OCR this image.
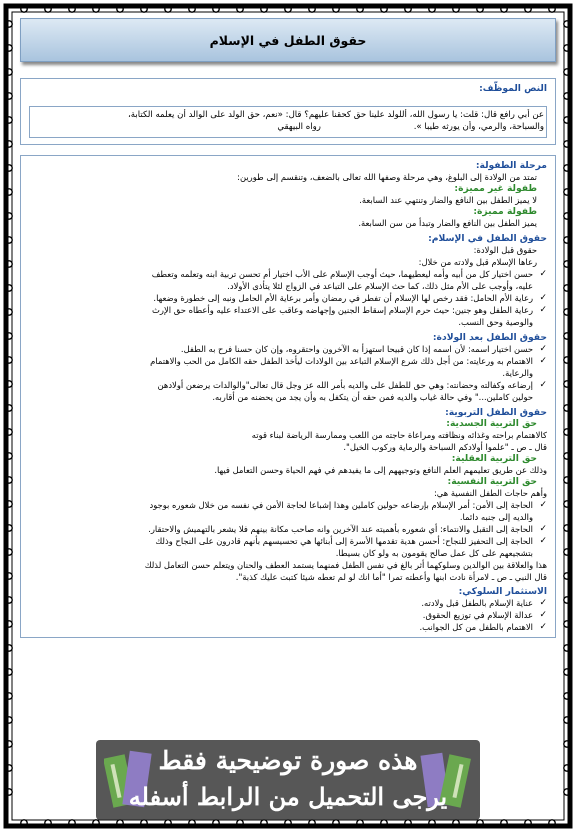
حقوق الطفل في الإسلام

النص الموظّف:

عن أبي رافع قال: قلت: يا رسول الله، أللولد علينا حق كحقنا عليهم؟ قال: «نعم، حق الولد على الوالد أن يعلمه الكتابة،

والسباحة، والرمي، وأن يورثه طيبا ». رواه البيهقي

مرحلة الطفولة:

تمتد من الولادة إلى البلوغ، وهي مرحلة وصفها الله تعالى بالضعف، وتنقسم إلى طورين:

طفولة غير مميزة:

لا يميز الطفل بين النافع والضار وتنتهي عند السابعة.

طفولة مميزة:

يميز الطفل بين النافع والضار وتبدأ من سن السابعة.

حقوق الطفل في الإسلام:

حقوق قبل الولادة:

رعاها الإسلام قبل ولادته من خلال:

✓

حسن اختيار كل من أبيه وأمه ليعطيهما، حيث أوجب الإسلام على الأب اختيار أم تحسن تربية ابنه وتعلمه وتعطف

عليه، وأوجب على الأم مثل ذلك، كما حث الإسلام على التباعد في الزواج لئلا يتأذى الأولاد.

✓

رعاية الأم الحامل: فقد رخص لها الإسلام أن تفطر في رمضان وأمر برعاية الأم الحامل ونبه إلى خطورة وضعها.

✓

رعاية الطفل وهو جنين: حيث حرم الإسلام إسقاط الجنين وإجهاضه وعاقب على الاعتداء عليه وأعطاه حق الإرث

والوصية وحق النسب.

حقوق الطفل بعد الولادة:

✓

حسن اختيار اسمه: لأن اسمه إذا كان قبيحا استهزأ به الآخرون واحتقروه، وإن كان حسنا فرح به الطفل.

✓

الاهتمام به ورعايته: من أجل ذلك شرع الإسلام التباعد بين الولادات ليأخذ الطفل حقه الكامل من الحب والاهتمام

والرعاية.

✓

إرضاعه وكفالته وحضانته: وهي حق للطفل على والديه بأمر الله عز وجل قال تعالى"والوالدات يرضعن أولادهن

حولين كاملين..." وفي حالة غياب والديه فمن حقه أن يتكفل به وأن يجد من يحضنه من أقاربه.

حقوق الطفل التربوية:

حق التربية الجسدية:

كالاهتمام براحته وغذائه ونظافته ومراعاة حاجته من اللعب وممارسة الرياضة لبناء قوته

قال ـ ص ـ "علموا أولادكم السباحة والرماية وركوب الخيل".

حق التربية العقلية:

وذلك عن طريق تعليمهم العلم النافع وتوجيههم إلى ما يفيدهم في فهم الحياة وحسن التعامل فيها.

حق التربية النفسية:

وأهم حاجات الطفل النفسية هي:

✓

الحاجة إلى الأمن: أمر الإسلام بإرضاعه حولين كاملين وهذا إشباعا لحاجة الأمن في نفسه من خلال شعوره بوجود

والديه إلى جنبه دائما.

✓

الحاجة إلى التقبل والانتماء: أي شعوره بأهميته عند الآخرين وانه صاحب مكانة بينهم فلا يشعر بالتهميش والاحتقار.

✓

الحاجة إلى التحفيز للنجاح: أحسن هدية تقدمها الأسرة إلى أبنائها هي تحسيسهم بأنهم قادرون على النجاح وذلك

بتشجيعهم على كل عمل صالح يقومون به ولو كان بسيطا.

هذا والعلاقة بين الوالدين وسلوكهما أثر بالغ في نفس الطفل فمنهما يستمد العطف والحنان ويتعلم حسن التعامل لذلك

قال النبي ـ ص ـ لامرأة نادت ابنها وأعطته تمرا "أما انك لو لم تعطه شيئا كتبت عليك كذبة".

الاستثمار السلوكي:

✓

عناية الإسلام بالطفل قبل ولادته.

✓

عدالة الإسلام في توزيع الحقوق.

✓

الاهتمام بالطفل من كل الجوانب.

هذه صورة توضيحية فقط
يرجى التحميل من الرابط أسفله
